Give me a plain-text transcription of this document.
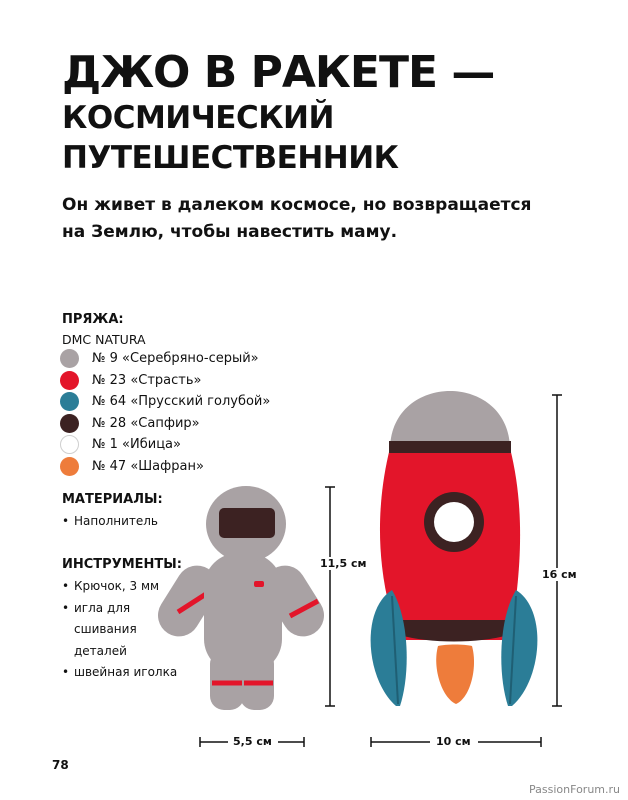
ДЖО В РАКЕТЕ —
КОСМИЧЕСКИЙ
ПУТЕШЕСТВЕННИК
Он живет в далеком космосе, но возвращается
на Землю, чтобы навестить маму.
ПРЯЖА:
DMC NATURA
№ 9 «Серебряно-серый»
№ 23 «Страсть»
№ 64 «Прусский голубой»
№ 28 «Сапфир»
№ 1 «Ибица»
№ 47 «Шафран»
МАТЕРИАЛЫ:
• Наполнитель
ИНСТРУМЕНТЫ:
• Крючок, 3 мм
• игла для
сшивания
деталей
• швейная иголка
11,5 см
5,5 см
16 см
10 см
78
PassionForum.ru
